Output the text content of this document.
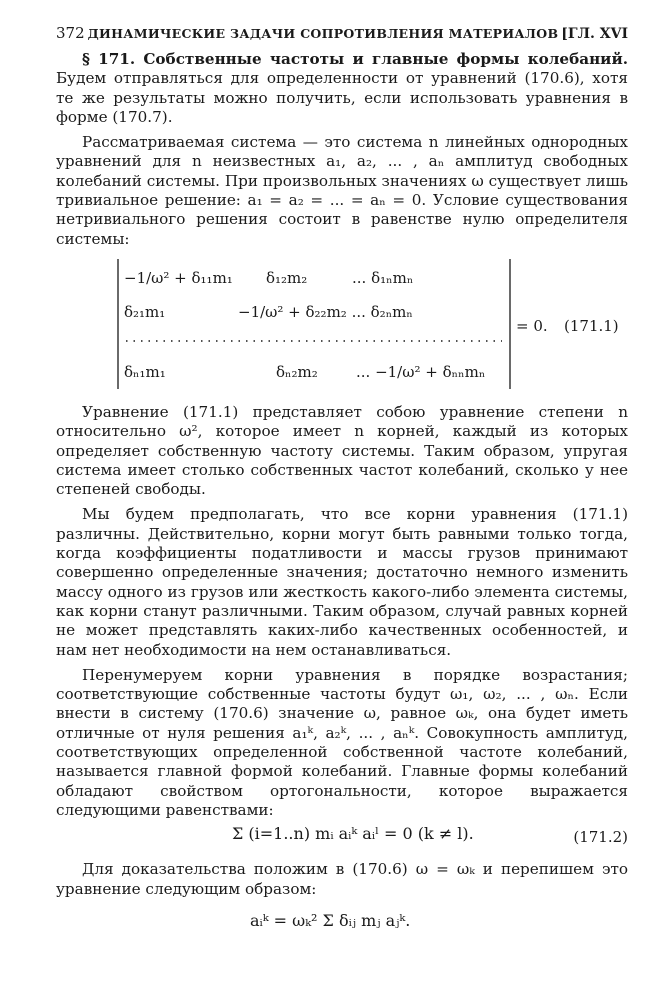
372 ДИНАМИЧЕСКИЕ ЗАДАЧИ СОПРОТИВЛЕНИЯ МАТЕРИАЛОВ [ГЛ. XVI

§ 171. Собственные частоты и главные формы колебаний. Будем отправляться для определенности от уравнений (170.6), хотя те же результаты можно получить, если использовать уравнения в форме (170.7).

Рассматриваемая система — это система n линейных однородных уравнений для n неизвестных a₁, a₂, ... , aₙ амплитуд свободных колебаний системы. При произвольных значениях ω существует лишь тривиальное решение: a₁ = a₂ = ... = aₙ = 0. Условие существования нетривиального решения состоит в равенстве нулю определителя системы:

−1/ω² + δ₁₁m₁ δ₁₂m₂	... δ₁ₙmₙ
δ₂₁m₁	−1/ω² + δ₂₂m₂ ... δ₂ₙmₙ
δₙ₁m₁	δₙ₂m₂	... −1/ω² + δₙₙmₙ
= 0. (171.1)

Уравнение (171.1) представляет собою уравнение степени n относительно ω², которое имеет n корней, каждый из которых определяет собственную частоту системы. Таким образом, упругая система имеет столько собственных частот колебаний, сколько у нее степеней свободы.

Мы будем предполагать, что все корни уравнения (171.1) различны. Действительно, корни могут быть равными только тогда, когда коэффициенты податливости и массы грузов принимают совершенно определенные значения; достаточно немного изменить массу одного из грузов или жесткость какого-либо элемента системы, как корни станут различными. Таким образом, случай равных корней не может представлять каких-либо качественных особенностей, и нам нет необходимости на нем останавливаться.

Перенумеруем корни уравнения в порядке возрастания; соответствующие собственные частоты будут ω₁, ω₂, ... , ωₙ. Если внести в систему (170.6) значение ω, равное ωₖ, она будет иметь отличные от нуля решения a₁ᵏ, a₂ᵏ, ... , aₙᵏ. Совокупность амплитуд, соответствующих определенной собственной частоте колебаний, называется главной формой колебаний. Главные формы колебаний обладают свойством ортогональности, которое выражается следующими равенствами:

Σ (i=1..n) mᵢ aᵢᵏ aᵢˡ = 0 (k ≠ l).	(171.2)

Для доказательства положим в (170.6) ω = ωₖ и перепишем это уравнение следующим образом:

aᵢᵏ = ωₖ² Σ δᵢⱼ mⱼ aⱼᵏ.
